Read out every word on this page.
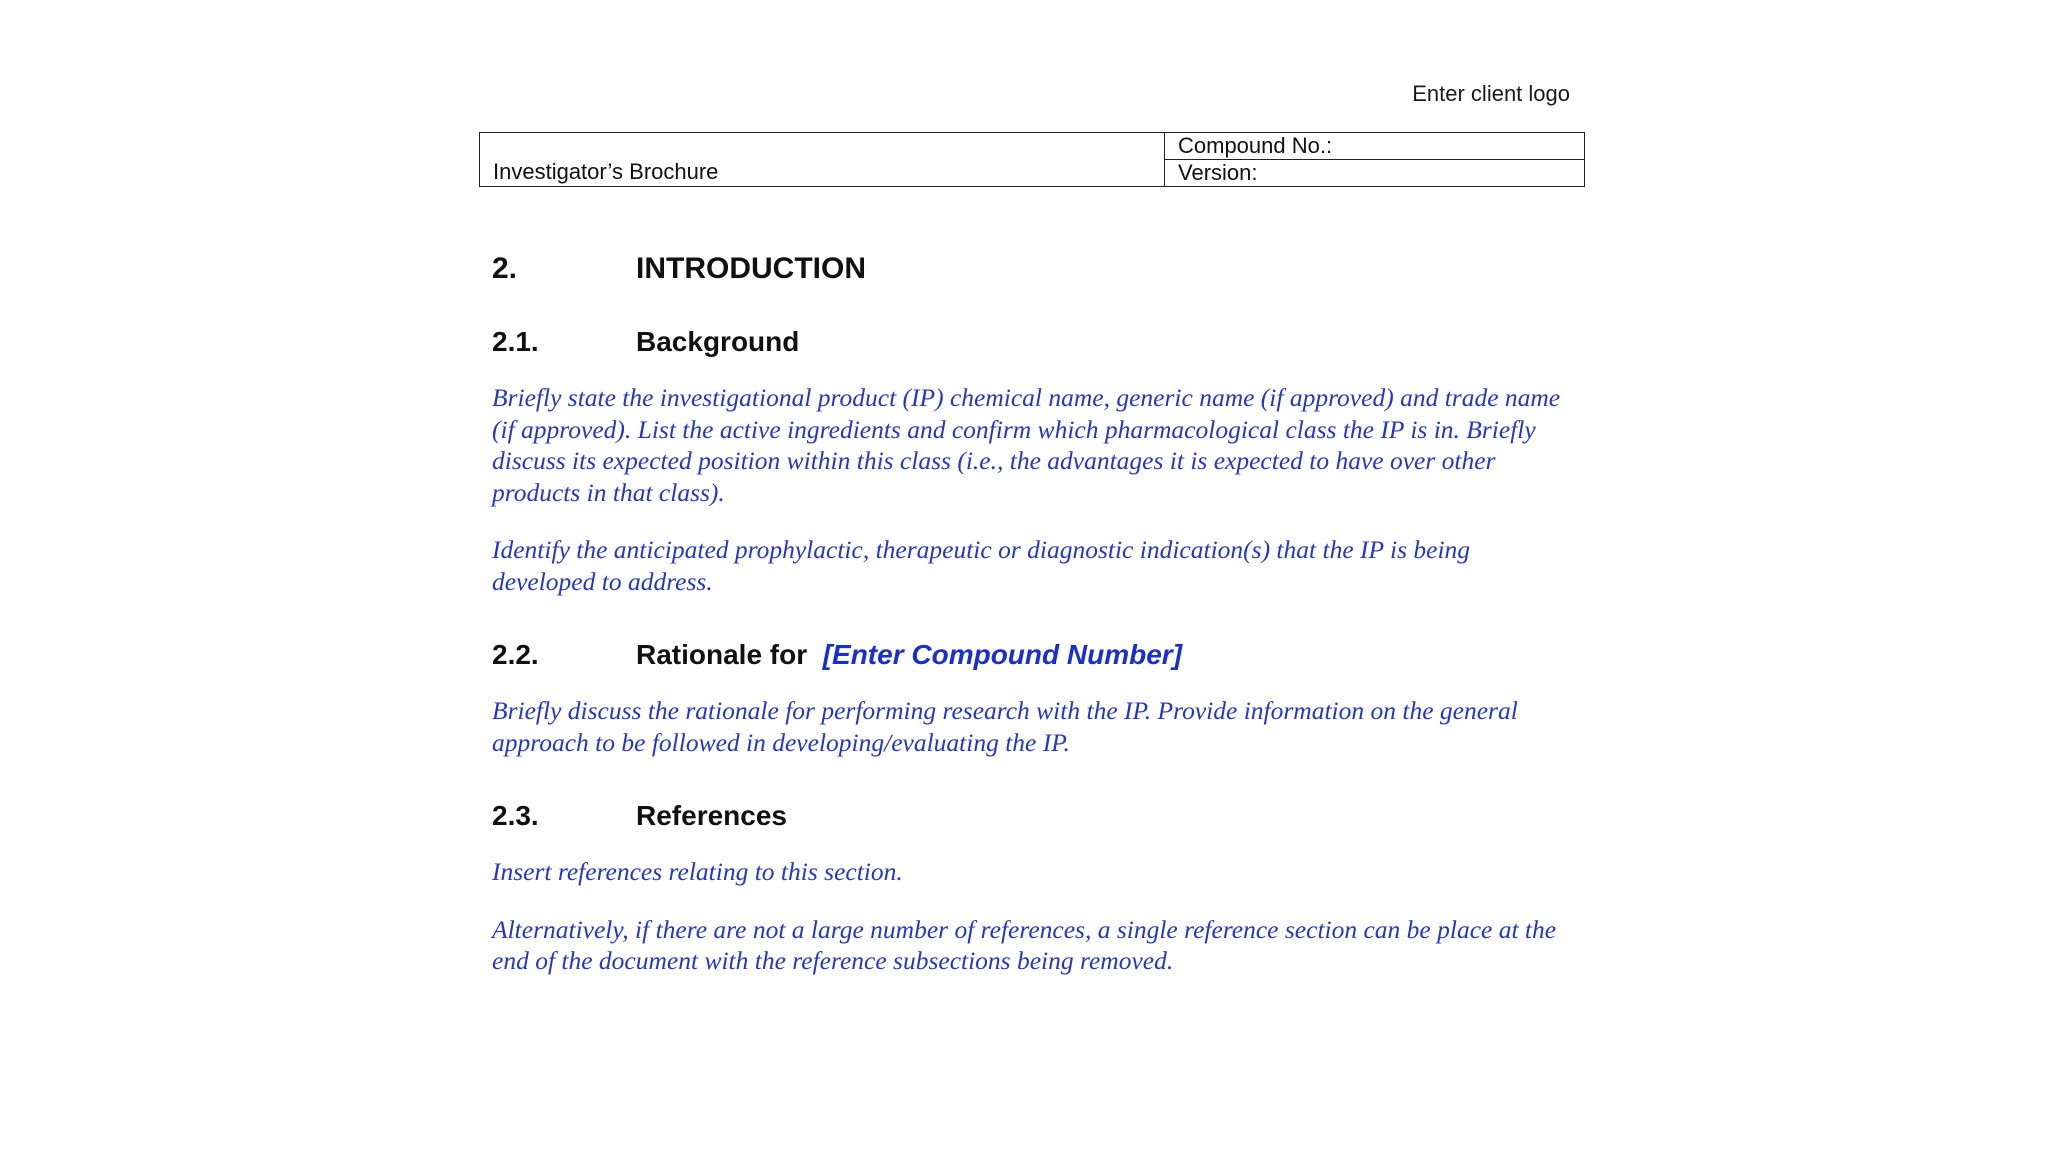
Enter client logo
Investigator’s Brochure	Compound No.:
Version:
2.	INTRODUCTION
2.1.	Background

Briefly state the investigational product (IP) chemical name, generic name (if approved) and trade name (if approved). List the active ingredients and confirm which pharmacological class the IP is in. Briefly discuss its expected position within this class (i.e., the advantages it is expected to have over other products in that class).

Identify the anticipated prophylactic, therapeutic or diagnostic indication(s) that the IP is being developed to address.

2.2.	Rationale for  [Enter Compound Number]

Briefly discuss the rationale for performing research with the IP. Provide information on the general approach to be followed in developing/evaluating the IP.

2.3.	References

Insert references relating to this section.

Alternatively, if there are not a large number of references, a single reference section can be place at the end of the document with the reference subsections being removed.
